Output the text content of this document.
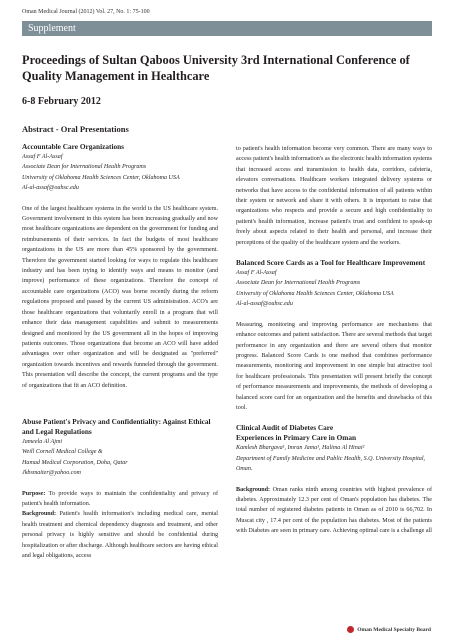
Oman Medical Journal (2012) Vol. 27, No. 1: 75-100
Supplement
Proceedings of Sultan Qaboos University 3rd International Conference of Quality Management in Healthcare
6-8 February 2012
Abstract - Oral Presentations
Accountable Care Organizations
Assaf F Al-Assaf
Associate Dean for International Health Programs
University of Oklahoma Health Sciences Center, Oklahoma USA
Al-al-assaf@ouhsc.edu

One of the largest healthcare systems in the world is the US healthcare system. Government involvement in this system has been increasing gradually and now most healthcare organizations are dependent on the government for funding and reimbursements of their services. In fact the budgets of most healthcare organizations in the US are more than 45% sponsored by the government. Therefore the government started looking for ways to regulate this healthcare industry and has been trying to identify ways and means to monitor (and improve) performance of these organizations. Therefore the concept of accountable care organizations (ACO) was borne recently during the reform regulations proposed and passed by the current US administration. ACO's are those healthcare organizations that voluntarily enroll in a program that will enhance their data management capabilities and submit to measurements designed and monitored by the US government all in the hopes of improving patients outcomes. Those organizations that become an ACO will have added advantages over other organization and will be designated as "preferred" organization towards incentives and rewards funneled through the government. This presentation will describe the concept, the current programs and the type of organizations that fit an ACO definition.

Abuse Patient's Privacy and Confidentiality: Against Ethical and Legal Regulations
Jameela Al Ajmi
Weill Cornell Medical College &
Hamad Medical Corporation, Doha, Qatar
Jkbsmaiter@yahoo.com

Purpose: To provide ways to maintain the confidentiality and privacy of patient's health information.

Background: Patient's health information's including medical care, mental health treatment and chemical dependency diagnosis and treatment, and other personal privacy is highly sensitive and should be confidential during hospitalization or after discharge. Although healthcare sectors are having ethical and legal obligations, access

to patient's health information become very common. There are many ways to access patient's health information's as the electronic health information systems that increased access and transmission to health data, corridors, cafeteria, elevators conversations. Healthcare workers integrated delivery systems or networks that have access to the confidential information of all patients within their system or network and share it with others. It is important to raise that organizations who respects and provide a secure and high confidentiality to patient's health information, increase patient's trust and confident to speak-up freely about aspects related to their health and personal, and increase their perceptions of the quality of the healthcare system and the workers.

Balanced Score Cards as a Tool for Healthcare Improvement
Assaf F Al-Assaf
Associate Dean for International Health Programs
University of Oklahoma Health Sciences Center, Oklahoma USA
Al-al-assaf@ouhsc.edu

Measuring, monitoring and improving performance are mechanisms that enhance outcomes and patient satisfaction. There are several methods that target performance in any organization and there are several others that monitor progress. Balanced Score Cards is one method that combines performance measurements, monitoring and improvement in one simple but attractive tool for healthcare professionals. This presentation will present briefly the concept of performance measurements and improvements, the methods of developing a balanced score card for an organization and the benefits and drawbacks of this tool.

Clinical Audit of Diabetes Care
Experiences in Primary Care in Oman
Kamlesh Bhargava¹, Imran Jama¹, Halima Al Hinai²
Department of Family Medicine and Public Health, S.Q. University Hospital, Oman.

Background: Oman ranks ninth among countries with highest prevalence of diabetes. Approximately 12.3 per cent of Oman's population has diabetes. The total number of registered diabetes patients in Oman as of 2010 is 66,702. In Muscat city , 17.4 per cent of the population has diabetes. Most of the patients with Diabetes are seen in primary care. Achieving optimal care is a challenge all

Oman Medical Specialty Board
